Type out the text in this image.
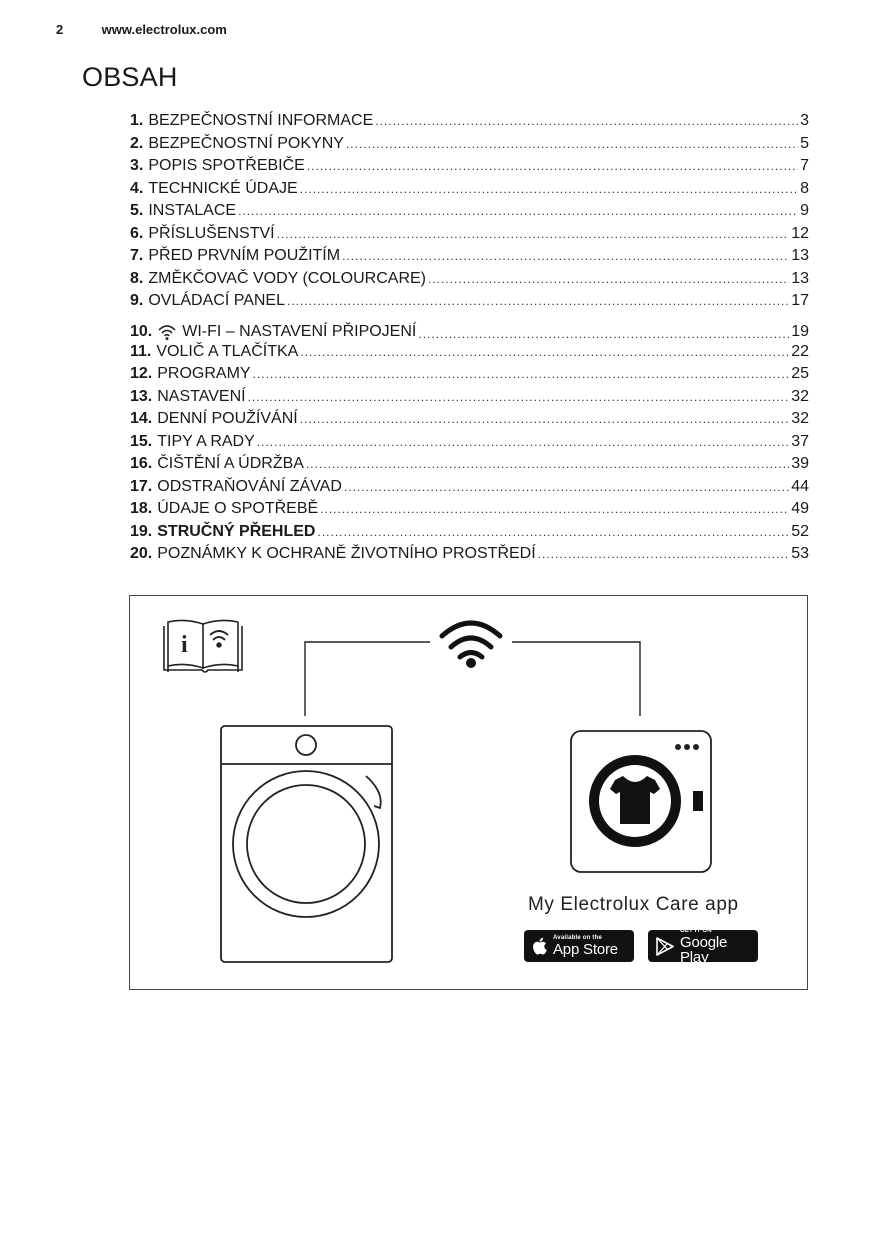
2	www.electrolux.com
OBSAH
1. BEZPEČNOSTNÍ INFORMACE .....	3
2. BEZPEČNOSTNÍ POKYNY .....	5
3. POPIS SPOTŘEBIČE .....	7
4. TECHNICKÉ ÚDAJE .....	8
5. INSTALACE .....	9
6. PŘÍSLUŠENSTVÍ .....	12
7. PŘED PRVNÍM POUŽITÍM .....	13
8. ZMĚKČOVAČ VODY (COLOURCARE) .....	13
9. OVLÁDACÍ PANEL .....	17
10. WI-FI – NASTAVENÍ PŘIPOJENÍ .....	19
11. VOLIČ A TLAČÍTKA .....	22
12. PROGRAMY .....	25
13. NASTAVENÍ .....	32
14. DENNÍ POUŽÍVÁNÍ .....	32
15. TIPY A RADY .....	37
16. ČIŠTĚNÍ A ÚDRŽBA .....	39
17. ODSTRAŇOVÁNÍ ZÁVAD .....	44
18. ÚDAJE O SPOTŘEBĚ .....	49
19. STRUČNÝ PŘEHLED .....	52
20. POZNÁMKY K OCHRANĚ ŽIVOTNÍHO PROSTŘEDÍ .....	53
i
My Electrolux Care app
Available on the
App Store
GET IT ON
Google Play
